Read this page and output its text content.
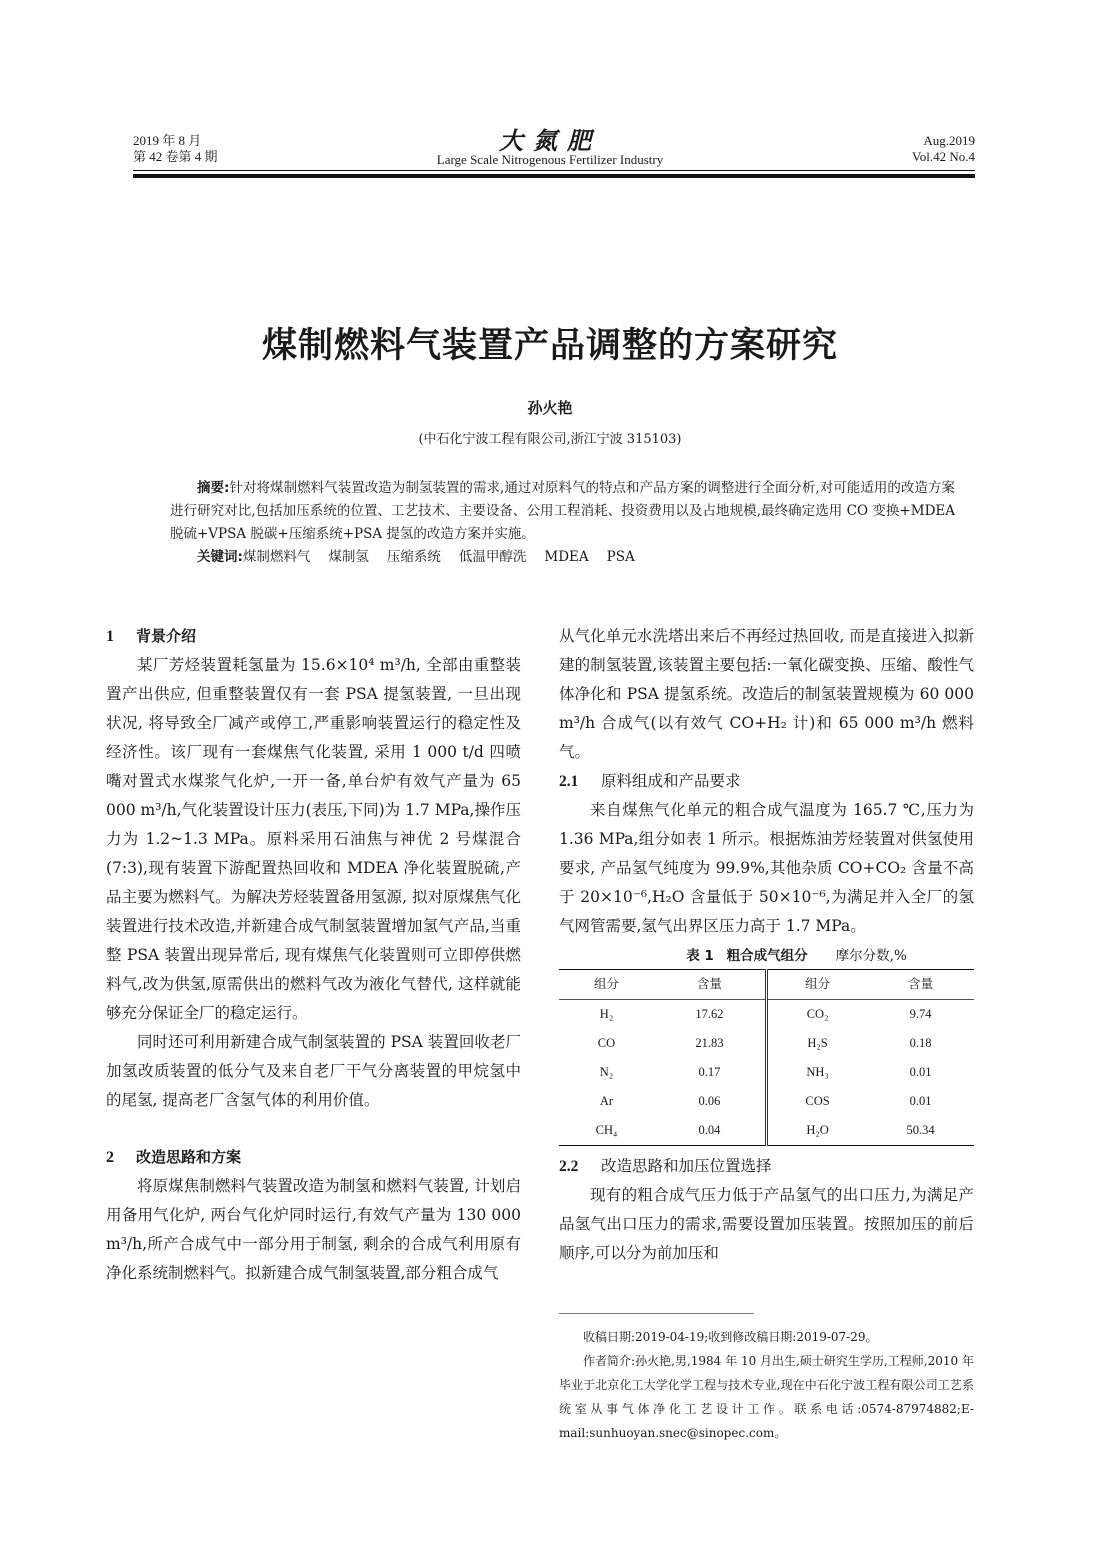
2019 年 8 月
第 42 卷第 4 期
大氮肥
Large Scale Nitrogenous Fertilizer Industry
Aug.2019
Vol.42 No.4
煤制燃料气装置产品调整的方案研究
孙火艳
(中石化宁波工程有限公司,浙江宁波 315103)
摘要:针对将煤制燃料气装置改造为制氢装置的需求,通过对原料气的特点和产品方案的调整进行全面分析,对可能适用的改造方案进行研究对比,包括加压系统的位置、工艺技术、主要设备、公用工程消耗、投资费用以及占地规模,最终确定选用 CO 变换+MDEA 脱硫+VPSA 脱碳+压缩系统+PSA 提氢的改造方案并实施。
关键词:煤制燃料气 煤制氢 压缩系统 低温甲醇洗 MDEA PSA
1 背景介绍

某厂芳烃装置耗氢量为 15.6×10⁴ m³/h, 全部由重整装置产出供应, 但重整装置仅有一套 PSA 提氢装置, 一旦出现状况, 将导致全厂减产或停工,严重影响装置运行的稳定性及经济性。该厂现有一套煤焦气化装置, 采用 1 000 t/d 四喷嘴对置式水煤浆气化炉,一开一备,单台炉有效气产量为 65 000 m³/h,气化装置设计压力(表压,下同)为 1.7 MPa,操作压力为 1.2~1.3 MPa。原料采用石油焦与神优 2 号煤混合(7:3),现有装置下游配置热回收和 MDEA 净化装置脱硫,产品主要为燃料气。为解决芳烃装置备用氢源, 拟对原煤焦气化装置进行技术改造,并新建合成气制氢装置增加氢气产品,当重整 PSA 装置出现异常后, 现有煤焦气化装置则可立即停供燃料气,改为供氢,原需供出的燃料气改为液化气替代, 这样就能够充分保证全厂的稳定运行。

同时还可利用新建合成气制氢装置的 PSA 装置回收老厂加氢改质装置的低分气及来自老厂干气分离装置的甲烷氢中的尾氢, 提高老厂含氢气体的利用价值。

2 改造思路和方案

将原煤焦制燃料气装置改造为制氢和燃料气装置, 计划启用备用气化炉, 两台气化炉同时运行,有效气产量为 130 000 m³/h,所产合成气中一部分用于制氢, 剩余的合成气利用原有净化系统制燃料气。拟新建合成气制氢装置,部分粗合成气

从气化单元水洗塔出来后不再经过热回收, 而是直接进入拟新建的制氢装置,该装置主要包括:一氧化碳变换、压缩、酸性气体净化和 PSA 提氢系统。改造后的制氢装置规模为 60 000 m³/h 合成气(以有效气 CO+H₂ 计)和 65 000 m³/h 燃料气。

2.1 原料组成和产品要求

来自煤焦气化单元的粗合成气温度为 165.7 ℃,压力为 1.36 MPa,组分如表 1 所示。根据炼油芳烃装置对供氢使用要求, 产品氢气纯度为 99.9%,其他杂质 CO+CO₂ 含量不高于 20×10⁻⁶,H₂O 含量低于 50×10⁻⁶,为满足并入全厂的氢气网管需要,氢气出界区压力高于 1.7 MPa。

表 1 粗合成气组分 摩尔分数,%
组分	含量	组分	含量
H₂	17.62	CO₂	9.74
CO	21.83	H₂S	0.18
N₂	0.17	NH₃	0.01
Ar	0.06	COS	0.01
CH₄	0.04	H₂O	50.34
2.2 改造思路和加压位置选择

现有的粗合成气压力低于产品氢气的出口压力,为满足产品氢气出口压力的需求,需要设置加压装置。按照加压的前后顺序,可以分为前加压和

收稿日期:2019-04-19;收到修改稿日期:2019-07-29。
作者简介:孙火艳,男,1984 年 10 月出生,硕士研究生学历,工程师,2010 年毕业于北京化工大学化学工程与技术专业,现在中石化宁波工程有限公司工艺系统室从事气体净化工艺设计工作。联系电话:0574-87974882;E-mail:sunhuoyan.snec@sinopec.com。
